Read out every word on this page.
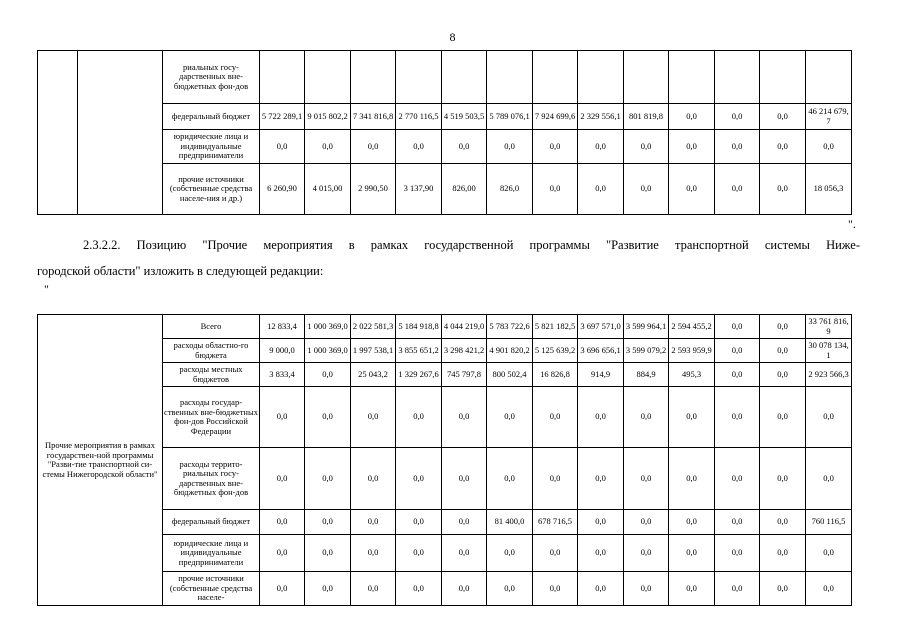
8
		риальных госу-дарственных вне-бюджетных фон-дов													
		федеральный бюджет	5 722 289,1	9 015 802,2	7 341 816,8	2 770 116,5	4 519 503,5	5 789 076,1	7 924 699,6	2 329 556,1	801 819,8	0,0	0,0	0,0	46 214 679,7
		юридические лица и индивидуальные предприниматели	0,0	0,0	0,0	0,0	0,0	0,0	0,0	0,0	0,0	0,0	0,0	0,0	0,0
		прочие источники (собственные средства населе-ния и др.)	6 260,90	4 015,00	2 990,50	3 137,90	826,00	826,0	0,0	0,0	0,0	0,0	0,0	0,0	18 056,3
".
2.3.2.2. Позицию "Прочие мероприятия в рамках государственной программы "Развитие транспортной системы Ниже-
городской области" изложить в следующей редакции:
"
Прочие мероприятия в рамках государствен-ной программы "Разви-тие транспортной си-стемы Нижегородской области"	Всего	12 833,4	1 000 369,0	2 022 581,3	5 184 918,8	4 044 219,0	5 783 722,6	5 821 182,5	3 697 571,0	3 599 964,1	2 594 455,2	0,0	0,0	33 761 816,9
	расходы областно-го бюджета	9 000,0	1 000 369,0	1 997 538,1	3 855 651,2	3 298 421,2	4 901 820,2	5 125 639,2	3 696 656,1	3 599 079,2	2 593 959,9	0,0	0,0	30 078 134,1
	расходы местных бюджетов	3 833,4	0,0	25 043,2	1 329 267,6	745 797,8	800 502,4	16 826,8	914,9	884,9	495,3	0,0	0,0	2 923 566,3
	расходы государ-ственных вне-бюджетных фон-дов Российской Федерации	0,0	0,0	0,0	0,0	0,0	0,0	0,0	0,0	0,0	0,0	0,0	0,0	0,0
	расходы террито-риальных госу-дарственных вне-бюджетных фон-дов	0,0	0,0	0,0	0,0	0,0	0,0	0,0	0,0	0,0	0,0	0,0	0,0	0,0
	федеральный бюджет	0,0	0,0	0,0	0,0	0,0	81 400,0	678 716,5	0,0	0,0	0,0	0,0	0,0	760 116,5
	юридические лица и индивидуальные предприниматели	0,0	0,0	0,0	0,0	0,0	0,0	0,0	0,0	0,0	0,0	0,0	0,0	0,0
	прочие источники (собственные средства населе-	0,0	0,0	0,0	0,0	0,0	0,0	0,0	0,0	0,0	0,0	0,0	0,0	0,0
